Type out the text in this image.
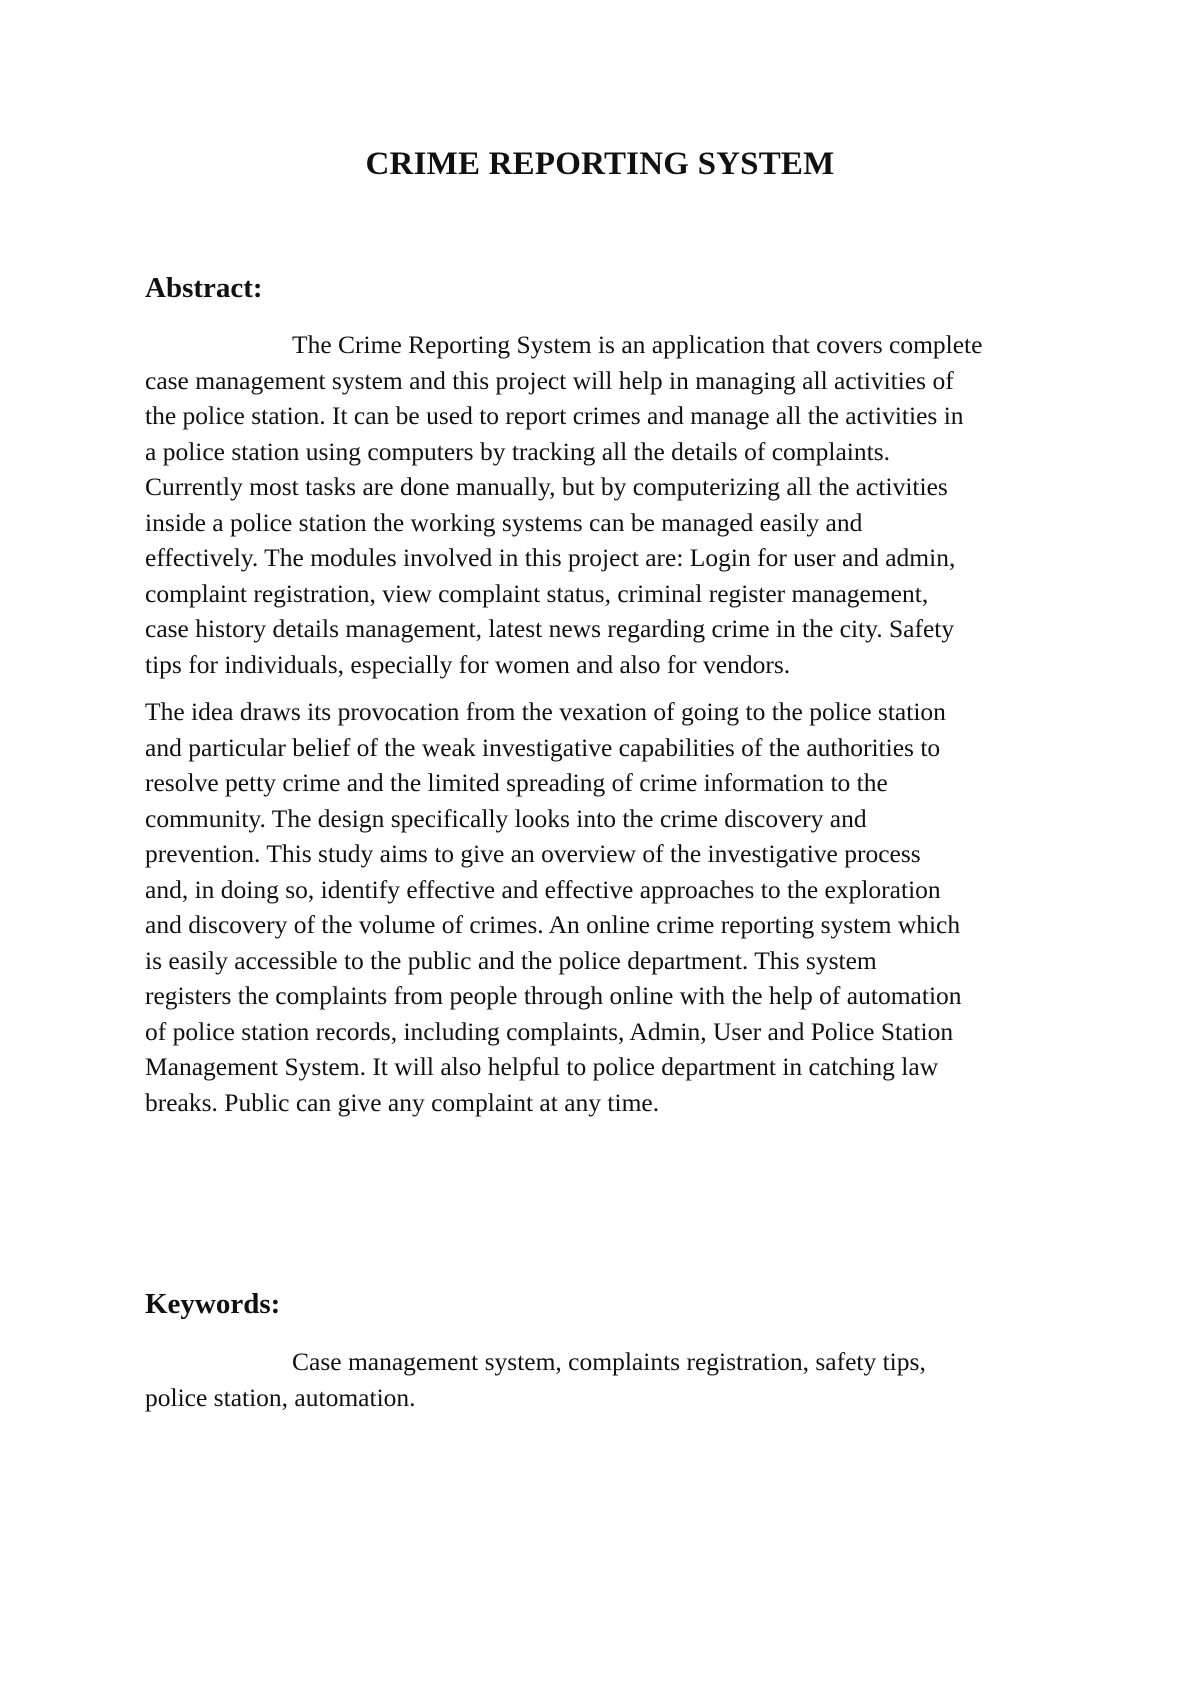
CRIME REPORTING SYSTEM
Abstract:

The Crime Reporting System is an application that covers complete
case management system and this project will help in managing all activities of
the police station. It can be used to report crimes and manage all the activities in
a police station using computers by tracking all the details of complaints.
Currently most tasks are done manually, but by computerizing all the activities
inside a police station the working systems can be managed easily and
effectively. The modules involved in this project are: Login for user and admin,
complaint registration, view complaint status, criminal register management,
case history details management, latest news regarding crime in the city. Safety
tips for individuals, especially for women and also for vendors.

The idea draws its provocation from the vexation of going to the police station
and particular belief of the weak investigative capabilities of the authorities to
resolve petty crime and the limited spreading of crime information to the
community. The design specifically looks into the crime discovery and
prevention. This study aims to give an overview of the investigative process
and, in doing so, identify effective and effective approaches to the exploration
and discovery of the volume of crimes. An online crime reporting system which
is easily accessible to the public and the police department. This system
registers the complaints from people through online with the help of automation
of police station records, including complaints, Admin, User and Police Station
Management System. It will also helpful to police department in catching law
breaks. Public can give any complaint at any time.

Keywords:

Case management system, complaints registration, safety tips,
police station, automation.
